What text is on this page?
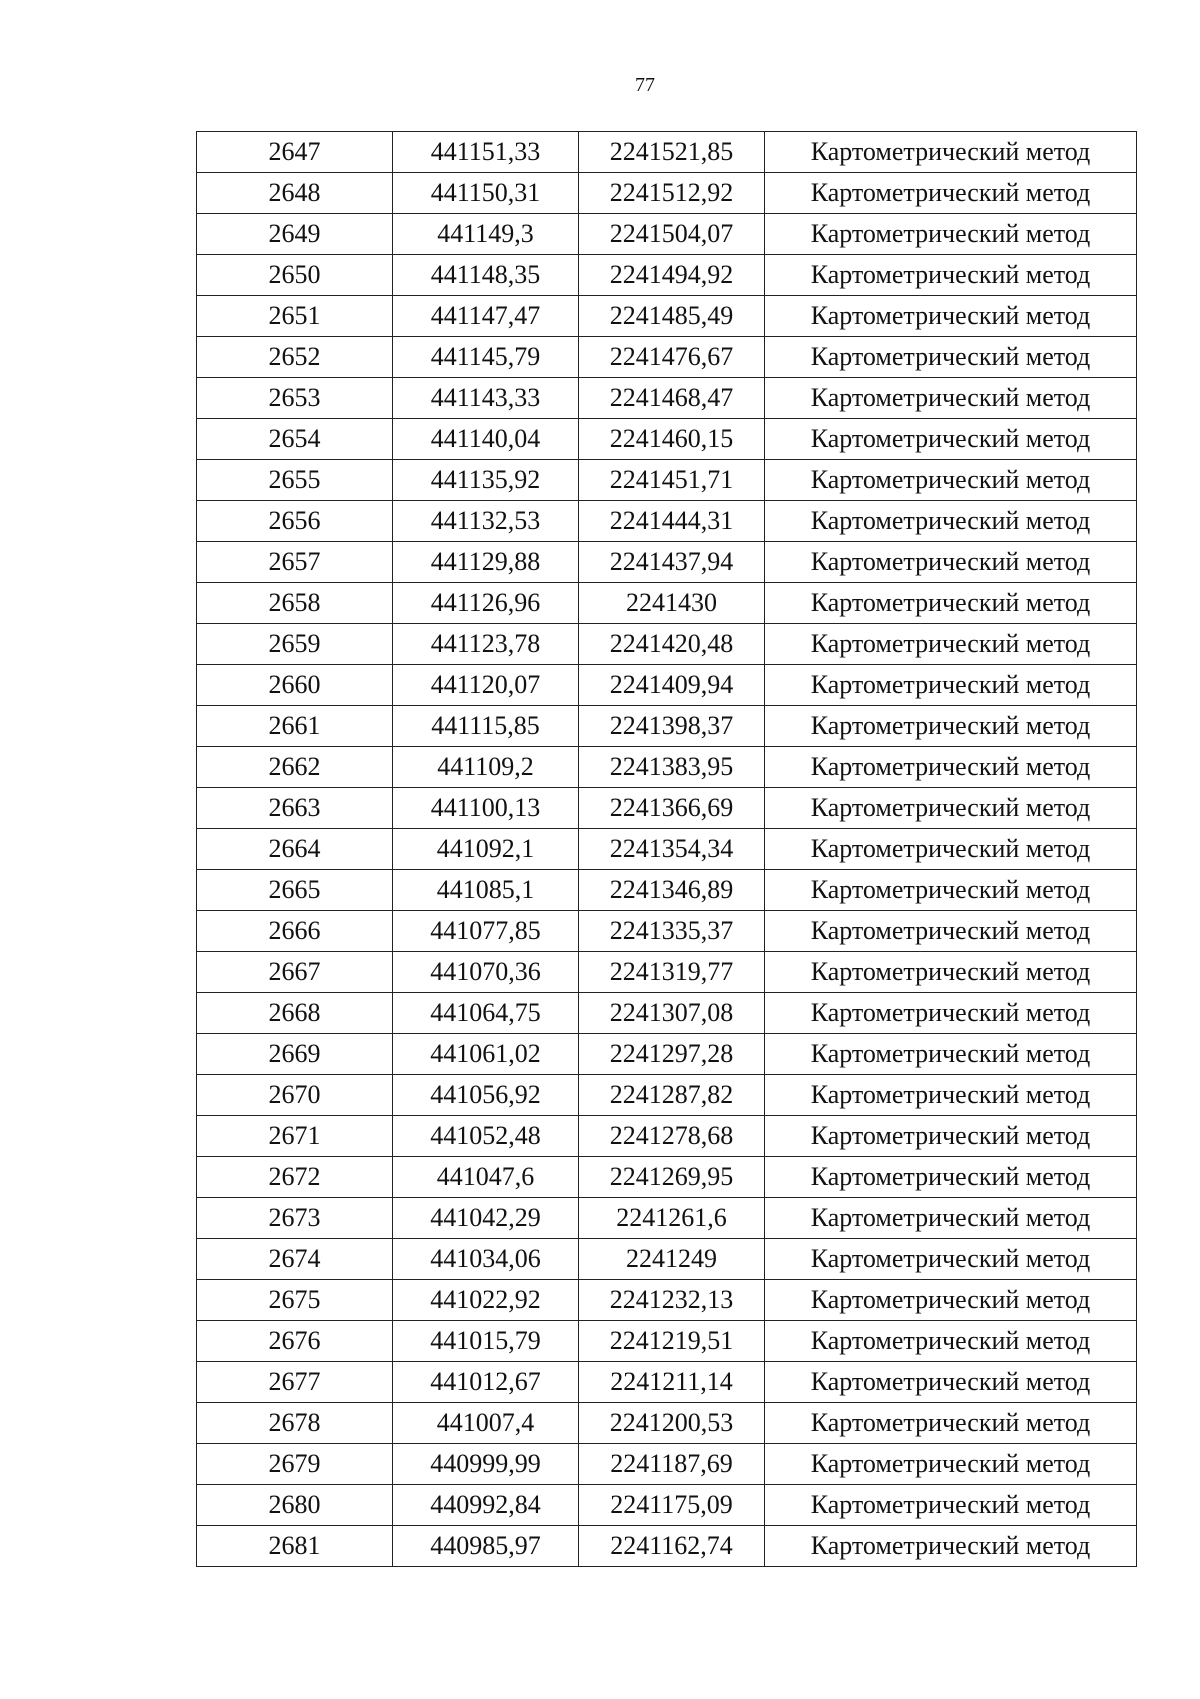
77
2647	441151,33	2241521,85	Картометрический метод
2648	441150,31	2241512,92	Картометрический метод
2649	441149,3	2241504,07	Картометрический метод
2650	441148,35	2241494,92	Картометрический метод
2651	441147,47	2241485,49	Картометрический метод
2652	441145,79	2241476,67	Картометрический метод
2653	441143,33	2241468,47	Картометрический метод
2654	441140,04	2241460,15	Картометрический метод
2655	441135,92	2241451,71	Картометрический метод
2656	441132,53	2241444,31	Картометрический метод
2657	441129,88	2241437,94	Картометрический метод
2658	441126,96	2241430	Картометрический метод
2659	441123,78	2241420,48	Картометрический метод
2660	441120,07	2241409,94	Картометрический метод
2661	441115,85	2241398,37	Картометрический метод
2662	441109,2	2241383,95	Картометрический метод
2663	441100,13	2241366,69	Картометрический метод
2664	441092,1	2241354,34	Картометрический метод
2665	441085,1	2241346,89	Картометрический метод
2666	441077,85	2241335,37	Картометрический метод
2667	441070,36	2241319,77	Картометрический метод
2668	441064,75	2241307,08	Картометрический метод
2669	441061,02	2241297,28	Картометрический метод
2670	441056,92	2241287,82	Картометрический метод
2671	441052,48	2241278,68	Картометрический метод
2672	441047,6	2241269,95	Картометрический метод
2673	441042,29	2241261,6	Картометрический метод
2674	441034,06	2241249	Картометрический метод
2675	441022,92	2241232,13	Картометрический метод
2676	441015,79	2241219,51	Картометрический метод
2677	441012,67	2241211,14	Картометрический метод
2678	441007,4	2241200,53	Картометрический метод
2679	440999,99	2241187,69	Картометрический метод
2680	440992,84	2241175,09	Картометрический метод
2681	440985,97	2241162,74	Картометрический метод
